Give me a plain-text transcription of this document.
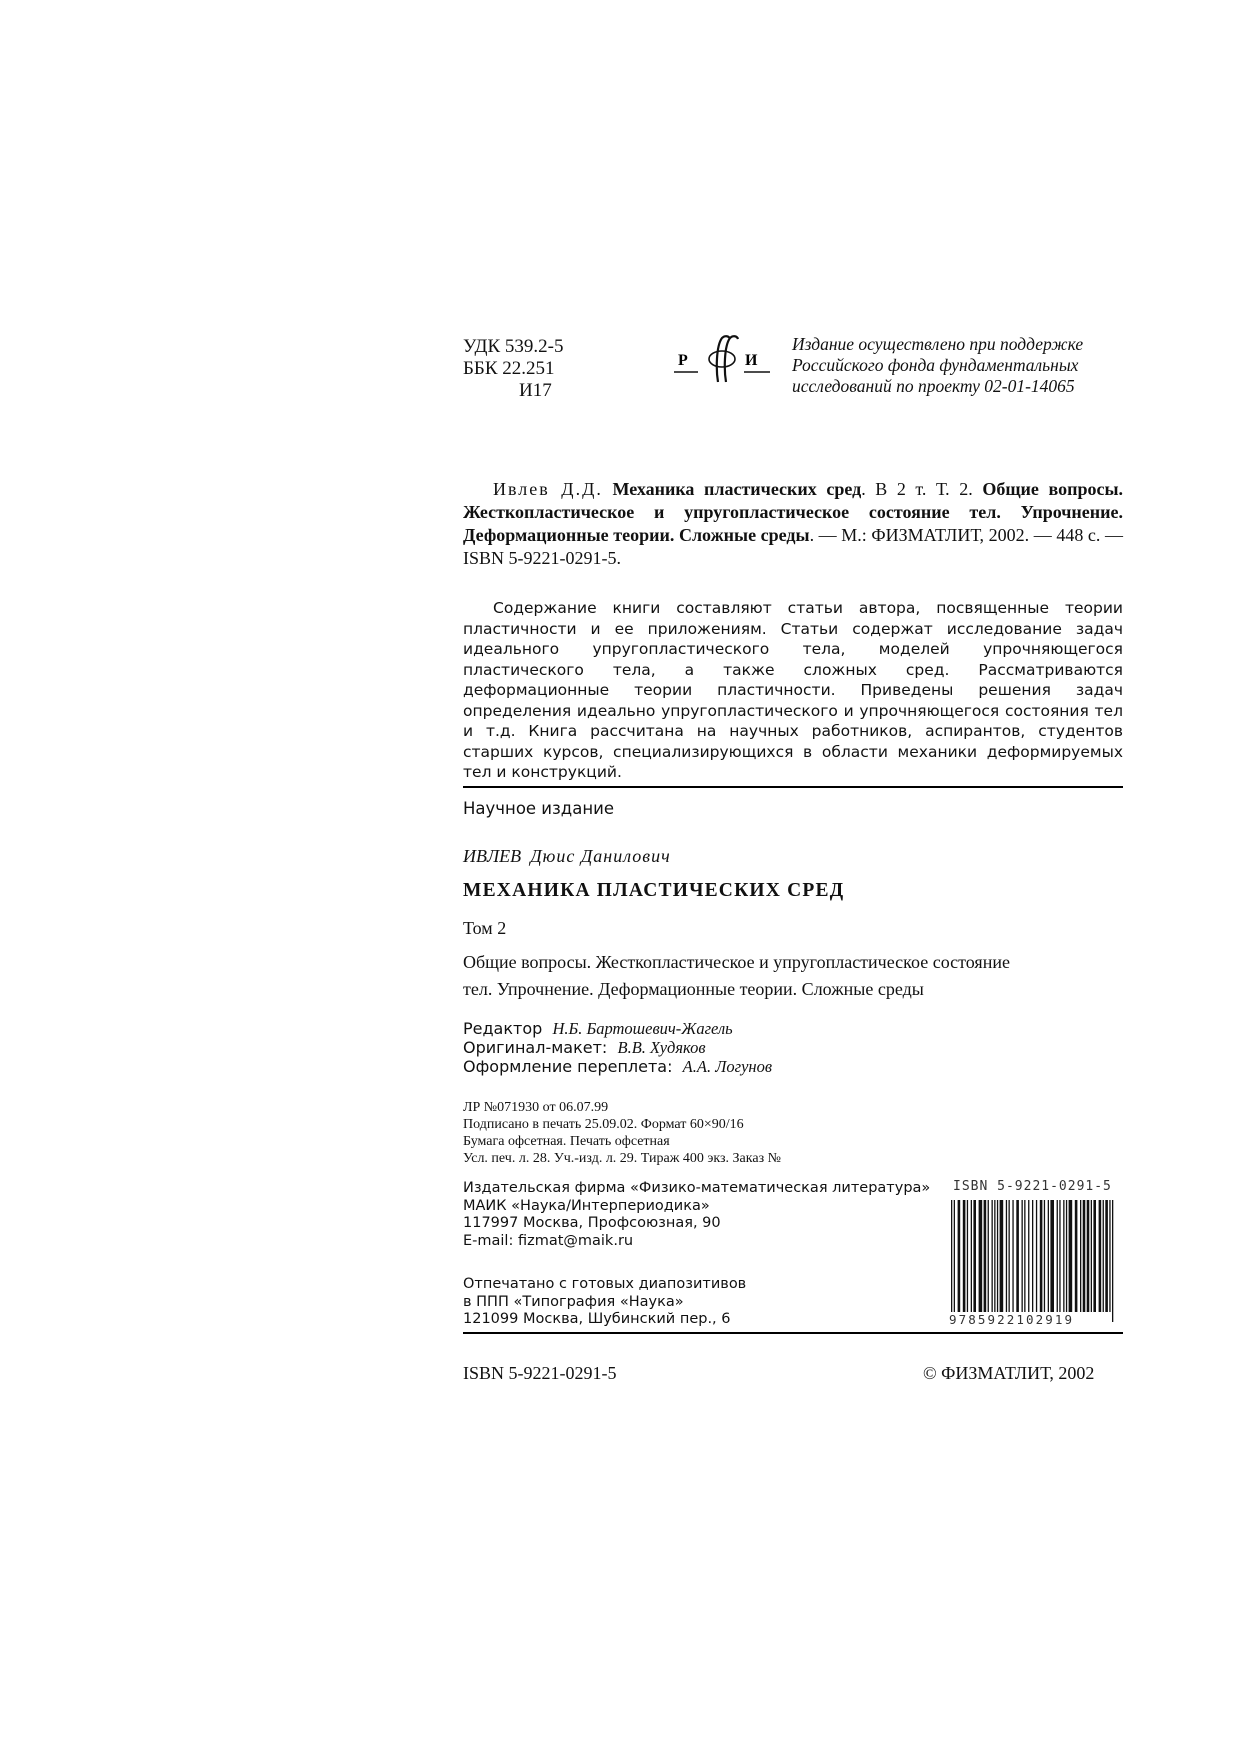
УДК 539.2-5
ББК 22.251
И17
Р	И
Издание осуществлено при поддержке
Российского фонда фундаментальных
исследований по проекту 02-01-14065
Ивлев Д.Д. Механика пластических сред. В 2 т. Т. 2. Общие вопросы. Жесткопластическое и упругопластическое состояние тел. Упрочнение. Деформационные теории. Сложные среды. — М.: ФИЗМАТЛИТ, 2002. — 448 с. — ISBN 5-9221-0291-5.
Содержание книги составляют статьи автора, посвященные теории пластичности и ее приложениям. Статьи содержат исследование задач идеального упругопластического тела, моделей упрочняющегося пластического тела, а также сложных сред. Рассматриваются деформационные теории пластичности. Приведены решения задач определения идеально упругопластического и упрочняющегося состояния тел и т.д. Книга рассчитана на научных работников, аспирантов, студентов старших курсов, специализирующихся в области механики деформируемых тел и конструкций.
Научное издание
ИВЛЕВ Дюис Данилович
МЕХАНИКА ПЛАСТИЧЕСКИХ СРЕД
Том 2
Общие вопросы. Жесткопластическое и упругопластическое состояние
тел. Упрочнение. Деформационные теории. Сложные среды
Редактор Н.Б. Бартошевич-Жагель
Оригинал-макет: В.В. Худяков
Оформление переплета: А.А. Логунов
ЛР №071930 от 06.07.99
Подписано в печать 25.09.02. Формат 60×90/16
Бумага офсетная. Печать офсетная
Усл. печ. л. 28. Уч.-изд. л. 29. Тираж 400 экз. Заказ №
Издательская фирма «Физико-математическая литература»
МАИК «Наука/Интерпериодика»
117997 Москва, Профсоюзная, 90
E-mail: fizmat@maik.ru
Отпечатано с готовых диапозитивов
в ППП «Типография «Наука»
121099 Москва, Шубинский пер., 6
ISBN 5-9221-0291-5
9785922102919
ISBN 5-9221-0291-5	© ФИЗМАТЛИТ, 2002
